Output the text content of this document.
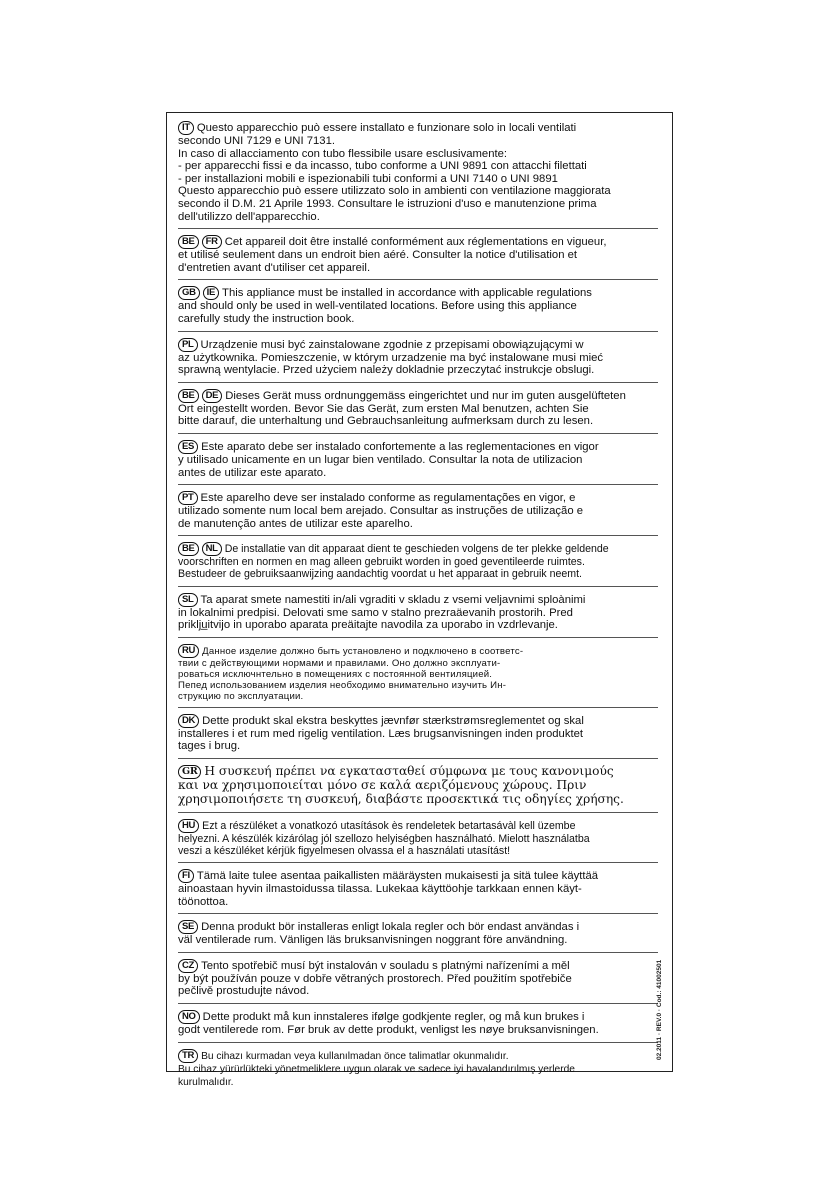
IT Questo apparecchio può essere installato e funzionare solo in locali ventilati

secondo UNI 7129 e UNI 7131.

In caso di allacciamento con tubo flessibile usare esclusivamente:

- per apparecchi fissi e da incasso, tubo conforme a UNI 9891 con attacchi filettati

- per installazioni mobili e ispezionabili tubi conformi a UNI 7140 o UNI 9891

Questo apparecchio può essere utilizzato solo in ambienti con ventilazione maggiorata

secondo il D.M. 21 Aprile 1993. Consultare le istruzioni d'uso e manutenzione prima

dell'utilizzo dell'apparecchio.

BE FR Cet appareil doit être installé conformément aux réglementations en vigueur,

et utilisé seulement dans un endroit bien aéré. Consulter la notice d'utilisation et

d'entretien avant d'utiliser cet appareil.

GB IE This appliance must be installed in accordance with applicable regulations

and should only be used in well-ventilated locations. Before using this appliance

carefully study the instruction book.

PL Urządzenie musi być zainstalowane zgodnie z przepisami obowiązującymi w

az użytkownika. Pomieszczenie, w którym urzadzenie ma być instalowane musi mieć

sprawną wentylacie. Przed użyciem należy dokladnie przeczytać instrukcje obslugi.

BE DE Dieses Gerät muss ordnunggemäss eingerichtet und nur im guten ausgelüfteten

Ort eingestellt worden. Bevor Sie das Gerät, zum ersten Mal benutzen, achten Sie

bitte darauf, die unterhaltung und Gebrauchsanleitung aufmerksam durch zu lesen.

ES Este aparato debe ser instalado confortemente a las reglementaciones en vigor

y utilisado unicamente en un lugar bien ventilado. Consultar la nota de utilizacion

antes de utilizar este aparato.

PT Este aparelho deve ser instalado conforme as regulamentações en vigor, e

utilizado somente num local bem arejado. Consultar as instruções de utilização e

de manutenção antes de utilizar este aparelho.

BE NL De installatie van dit apparaat dient te geschieden volgens de ter plekke geldende

voorschriften en normen en mag alleen gebruikt worden in goed geventileerde ruimtes.

Bestudeer de gebruiksaanwijzing aandachtig voordat u het apparaat in gebruik neemt.

SL Ta aparat smete namestiti in/ali vgraditi v skladu z vsemi veljavnimi sploànimi

in lokalnimi predpisi. Delovati sme samo v stalno prezraäevanih prostorih. Pred

priklju̲itvijo in uporabo aparata preäitajte navodila za uporabo in vzdrlevanje.

RU Данное изделие должно быть установлено и подключено в соответс-

твии с действующими нормами и правилами. Оно должно эксплуати-

роваться исключнтельно в помещениях с постоянной вентиляцией.

Пепед использованием изделия необходимо внимательно изучить Ин-

струкцию по эксплуатации.

DK Dette produkt skal ekstra beskyttes jævnfør stærkstrømsreglementet og skal

installeres i et rum med rigelig ventilation. Læs brugsanvisningen inden produktet

tages i brug.

GR Η συσκευή πρέπει να εγκατασταθεί σύμφωνα με τους κανονιμούς

και να χρησιμοποιείται μόνο σε καλά αεριζόμενους χώρους. Πριν

χρησιμοποιήσετε τη συσκευή, διαβάστε προσεκτικά τις οδηγίες χρήσης.

HU Ezt a részüléket a vonatkozó utasítások ès rendeletek betartasávàl kell üzembe

helyezni. A készülék kizárólag jól szellozo helyiségben használható. Mielott használatba

veszi a készüléket kérjük figyelmesen olvassa el a használati utasítást!

FI Tämä laite tulee asentaa paikallisten määräysten mukaisesti ja sitä tulee käyttää

ainoastaan hyvin ilmastoidussa tilassa. Lukekaa käyttöohje tarkkaan ennen käyt-

töönottoa.

SE Denna produkt bör installeras enligt lokala regler och bör endast användas i

väl ventilerade rum. Vänligen läs bruksanvisningen noggrant före användning.

CZ Tento spotřebič musí být instalován v souladu s platnými nařízeními a měl

by být používán pouze v dobře větraných prostorech. Před použitím spotřebiče

pečlivě prostudujte návod.

NO Dette produkt må kun innstaleres ifølge godkjente regler, og må kun brukes i

godt ventilerede rom. Før bruk av dette produkt, venligst les nøye bruksanvisningen.

TR Bu cihazı kurmadan veya kullanılmadan önce talimatlar okunmalıdır.

Bu cihaz yürürlükteki yönetmeliklere uygun olarak ve sadece iyi havalandırılmış yerlerde

kurulmalıdır.

02.2011 · REV.0 · Cod.: 41002501
